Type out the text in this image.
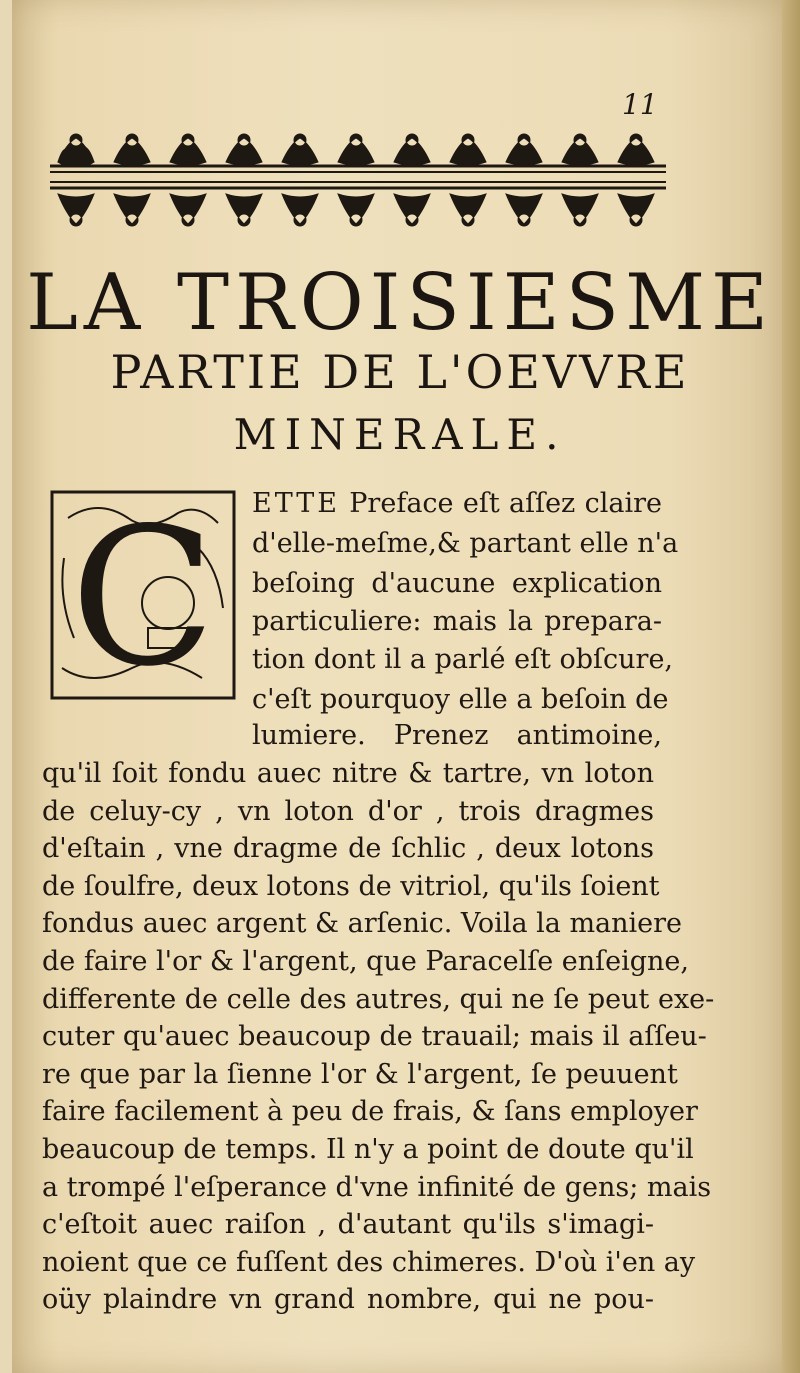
11
LA TROISIESME
PARTIE DE L'OEVVRE
MINERALE.
C ETTE Preface eſt aſſez claire
d'elle-meſme,& partant elle n'a
beſoing d'aucune explication
particuliere: mais la prepara-
tion dont il a parlé eſt obſcure,
c'eſt pourquoy elle a beſoin de
lumiere. Prenez antimoine,
qu'il ſoit fondu auec nitre & tartre, vn loton
de celuy-cy , vn loton d'or , trois dragmes
d'eſtain , vne dragme de ſchlic , deux lotons
de ſoulfre, deux lotons de vitriol, qu'ils ſoient
fondus auec argent & arſenic. Voila la maniere
de faire l'or & l'argent, que Paracelſe enſeigne,
differente de celle des autres, qui ne ſe peut exe-
cuter qu'auec beaucoup de trauail; mais il aſſeu-
re que par la ſienne l'or & l'argent, ſe peuuent
faire facilement à peu de frais, & ſans employer
beaucoup de temps. Il n'y a point de doute qu'il
a trompé l'eſperance d'vne infinité de gens; mais
c'eſtoit auec raiſon , d'autant qu'ils s'imagi-
noient que ce fuſſent des chimeres. D'où i'en ay
oüy plaindre vn grand nombre, qui ne pou-
